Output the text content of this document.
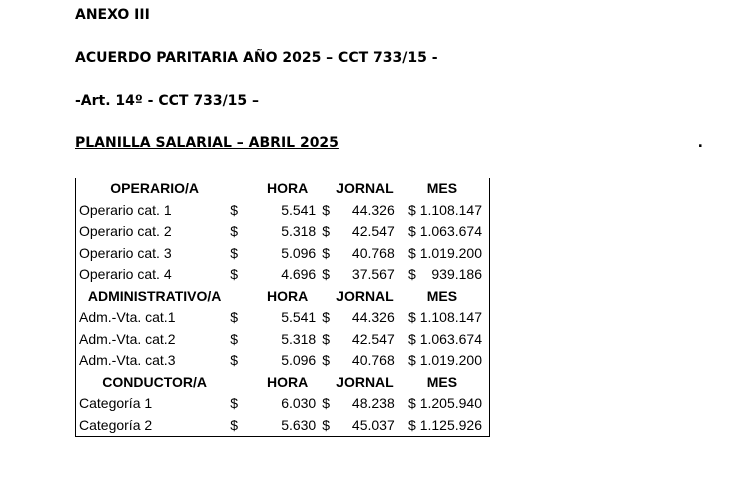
ANEXO III

ACUERDO PARITARIA AÑO 2025 – CCT 733/15 -

-Art. 14º - CCT 733/15 –

PLANILLA SALARIAL – ABRIL 2025	.

OPERARIO/A		HORA		JORNAL	MES
Operario cat. 1	$	5.541	$	44.326	$ 1.108.147
Operario cat. 2	$	5.318	$	42.547	$ 1.063.674
Operario cat. 3	$	5.096	$	40.768	$ 1.019.200
Operario cat. 4	$	4.696	$	37.567	$    939.186
ADMINISTRATIVO/A		HORA		JORNAL	MES
Adm.-Vta. cat.1	$	5.541	$	44.326	$ 1.108.147
Adm.-Vta. cat.2	$	5.318	$	42.547	$ 1.063.674
Adm.-Vta. cat.3	$	5.096	$	40.768	$ 1.019.200
CONDUCTOR/A		HORA		JORNAL	MES
Categoría 1	$	6.030	$	48.238	$ 1.205.940
Categoría 2	$	5.630	$	45.037	$ 1.125.926
